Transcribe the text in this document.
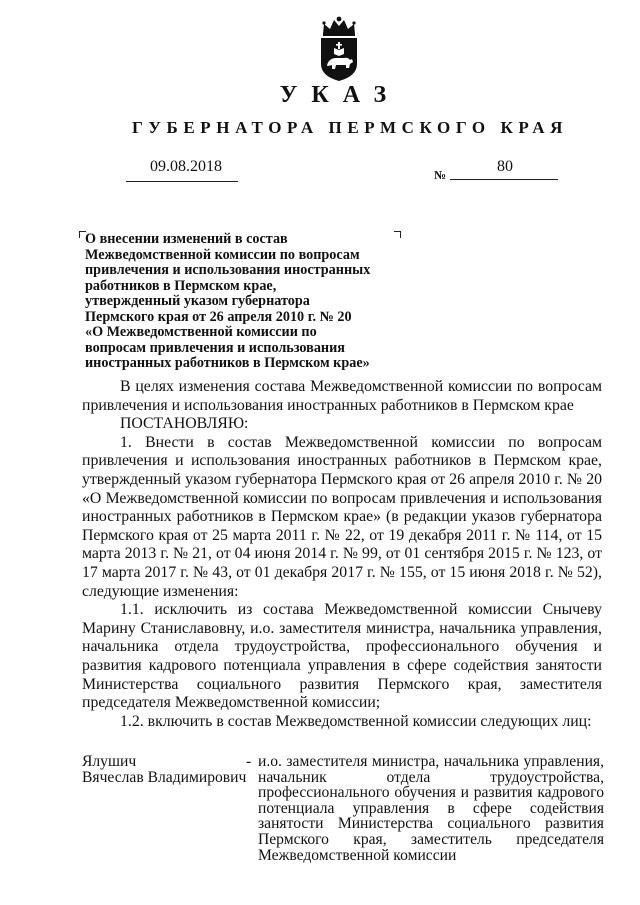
УКАЗ
ГУБЕРНАТОРА ПЕРМСКОГО КРАЯ
09.08.2018	№	80
О внесении изменений в состав
Межведомственной комиссии по вопросам
привлечения и использования иностранных
работников в Пермском крае,
утвержденный указом губернатора
Пермского края от 26 апреля 2010 г. № 20
«О Межведомственной комиссии по
вопросам привлечения и использования
иностранных работников в Пермском крае»

В целях изменения состава Межведомственной комиссии по вопросам привлечения и использования иностранных работников в Пермском крае

ПОСТАНОВЛЯЮ:

1. Внести в состав Межведомственной комиссии по вопросам привлечения и использования иностранных работников в Пермском крае, утвержденный указом губернатора Пермского края от 26 апреля 2010 г. № 20 «О Межведомственной комиссии по вопросам привлечения и использования иностранных работников в Пермском крае» (в редакции указов губернатора Пермского края от 25 марта 2011 г. № 22, от 19 декабря 2011 г. № 114, от 15 марта 2013 г. № 21, от 04 июня 2014 г. № 99, от 01 сентября 2015 г. № 123, от 17 марта 2017 г. № 43, от 01 декабря 2017 г. № 155, от 15 июня 2018 г. № 52), следующие изменения:

1.1. исключить из состава Межведомственной комиссии Снычеву Марину Станиславовну, и.о. заместителя министра, начальника управления, начальника отдела трудоустройства, профессионального обучения и развития кадрового потенциала управления в сфере содействия занятости Министерства социального развития Пермского края, заместителя председателя Межведомственной комиссии;

1.2. включить в состав Межведомственной комиссии следующих лиц:

Ялушич
Вячеслав Владимирович
- и.о. заместителя министра, начальника управления, начальник отдела трудоустройства, профессионального обучения и развития кадрового потенциала управления в сфере содействия занятости Министерства социального развития Пермского края, заместитель председателя Межведомственной комиссии
